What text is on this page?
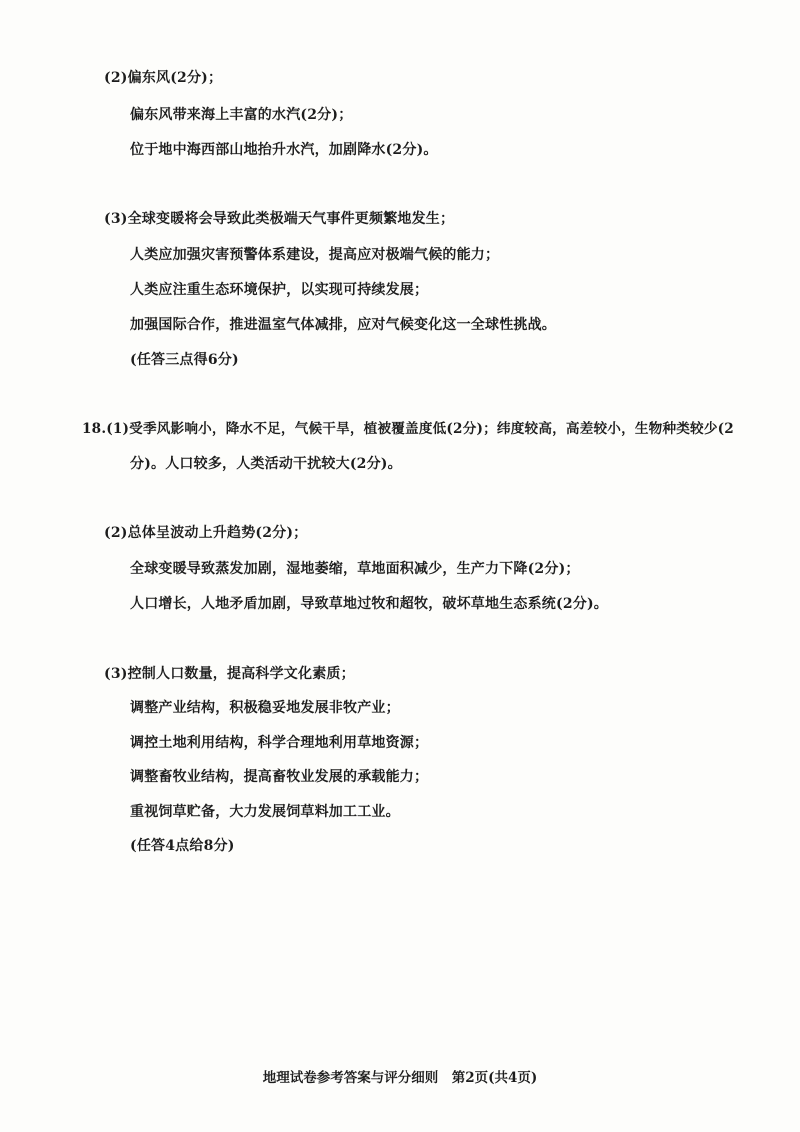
(2)偏东风(2分)；
偏东风带来海上丰富的水汽(2分)；
位于地中海西部山地抬升水汽，加剧降水(2分)。
(3)全球变暖将会导致此类极端天气事件更频繁地发生；
人类应加强灾害预警体系建设，提高应对极端气候的能力；
人类应注重生态环境保护，以实现可持续发展；
加强国际合作，推进温室气体减排，应对气候变化这一全球性挑战。
(任答三点得6分)
18.(1)受季风影响小，降水不足，气候干旱，植被覆盖度低(2分)；纬度较高，高差较小，生物种类较少(2
分)。人口较多，人类活动干扰较大(2分)。
(2)总体呈波动上升趋势(2分)；
全球变暖导致蒸发加剧，湿地萎缩，草地面积减少，生产力下降(2分)；
人口增长，人地矛盾加剧，导致草地过牧和超牧，破坏草地生态系统(2分)。
(3)控制人口数量，提高科学文化素质；
调整产业结构，积极稳妥地发展非牧产业；
调控土地利用结构，科学合理地利用草地资源；
调整畜牧业结构，提高畜牧业发展的承载能力；
重视饲草贮备，大力发展饲草料加工工业。
(任答4点给8分)
地理试卷参考答案与评分细则　第2页(共4页)
